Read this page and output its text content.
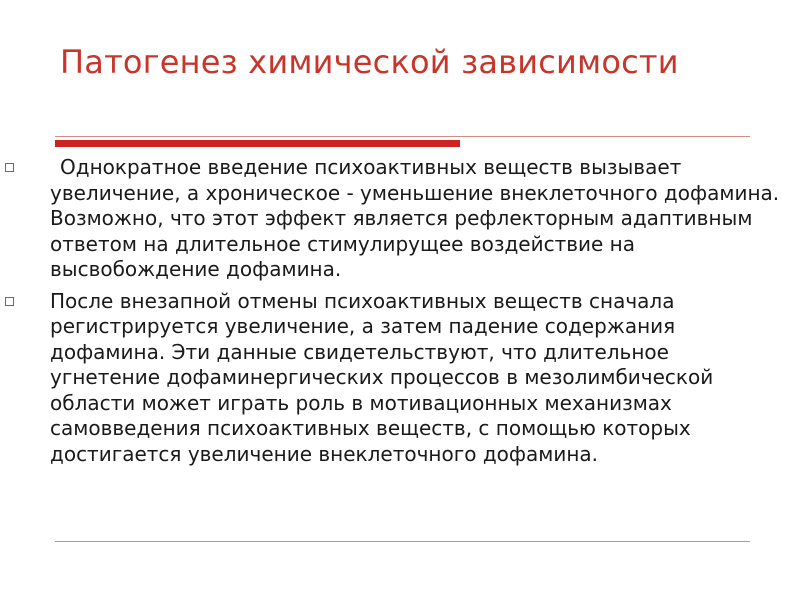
Патогенез химической зависимости
Однократное введение психоактивных веществ вызывает увеличение, а хроническое - уменьшение внеклеточного дофамина. Возможно, что этот эффект является рефлекторным адаптивным ответом на длительное стимулирущее воздействие на высвобождение дофамина.
После внезапной отмены психоактивных веществ сначала регистрируется увеличение, а затем падение содержания дофамина. Эти данные свидетельствуют, что длительное угнетение дофаминергических процессов в мезолимбической области может играть роль в мотивационных механизмах самовведения психоактивных веществ, с помощью которых достигается увеличение внеклеточного дофамина.
